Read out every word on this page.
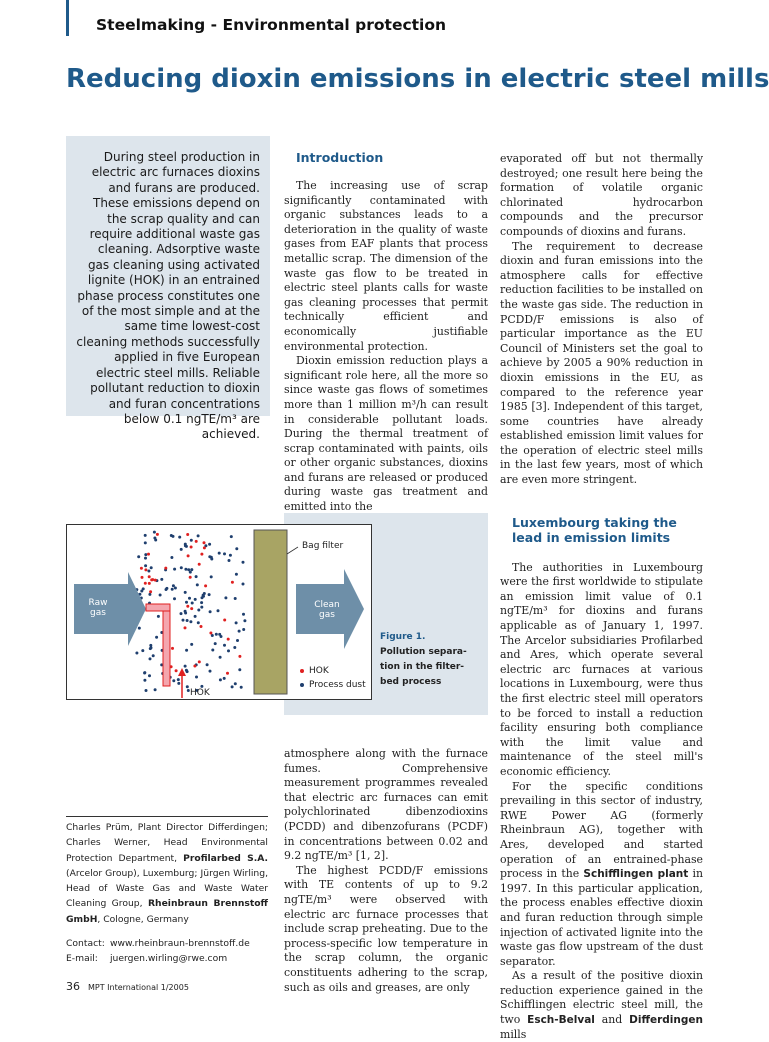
Steelmaking - Environmental protection
Reducing dioxin emissions in electric steel mills

During steel production in electric arc furnaces dioxins and furans are produced. These emissions depend on the scrap quality and can require additional waste gas cleaning. Adsorptive waste gas cleaning using activated lignite (HOK) in an entrained phase process constitutes one of the most simple and at the same time lowest-cost cleaning methods successfully applied in five European electric steel mills. Reliable pollutant reduction to dioxin and furan concentrations below 0.1 ngTE/m³ are achieved.

Introduction

The increasing use of scrap significantly contaminated with organic substances leads to a deterioration in the quality of waste gases from EAF plants that process metallic scrap. The dimension of the waste gas flow to be treated in electric steel plants calls for waste gas cleaning processes that permit technically efficient and economically justifiable environmental protection.

Dioxin emission reduction plays a significant role here, all the more so since waste gas flows of sometimes more than 1 million m³/h can result in considerable pollutant loads. During the thermal treatment of scrap contaminated with paints, oils or other organic substances, dioxins and furans are released or produced during waste gas treatment and emitted into the

evaporated off but not thermally destroyed; one result here being the formation of volatile organic chlorinated hydrocarbon compounds and the precursor compounds of dioxins and furans.

The requirement to decrease dioxin and furan emissions into the atmosphere calls for effective reduction facilities to be installed on the waste gas side. The reduction in PCDD/F emissions is also of particular importance as the EU Council of Ministers set the goal to achieve by 2005 a 90% reduction in dioxin emissions in the EU, as compared to the reference year 1985 [3]. Independent of this target, some countries have already established emission limit values for the operation of electric steel mills in the last few years, most of which are even more stringent.

Luxembourg taking the lead in emission limits

The authorities in Luxembourg were the first worldwide to stipulate an emission limit value of 0.1 ngTE/m³ for dioxins and furans applicable as of January 1, 1997. The Arcelor subsidiaries Profilarbed and Ares, which operate several electric arc furnaces at various locations in Luxembourg, were thus the first electric steel mill operators to be forced to install a reduction facility ensuring both compliance with the limit value and maintenance of the steel mill's economic efficiency.

For the specific conditions prevailing in this sector of industry, RWE Power AG (formerly Rheinbraun AG), together with Ares, developed and started operation of an entrained-phase process in the Schifflingen plant in 1997. In this particular application, the process enables effective dioxin and furan reduction through simple injection of activated lignite into the waste gas flow upstream of the dust separator.

As a result of the positive dioxin reduction experience gained in the Schifflingen electric steel mill, the two Esch-Belval and Differdingen mills

Bag filter
Raw
gas
Clean
gas
HOK
HOK
Process dust
Figure 1.
Pollution separa-
tion in the filter-
bed process

atmosphere along with the furnace fumes. Comprehensive measurement programmes revealed that electric arc furnaces can emit polychlorinated dibenzodioxins (PCDD) and dibenzofurans (PCDF) in concentrations between 0.02 and 9.2 ngTE/m³ [1, 2].

The highest PCDD/F emissions with TE contents of up to 9.2 ngTE/m³ were observed with electric arc furnace processes that include scrap preheating. Due to the process-specific low temperature in the scrap column, the organic constituents adhering to the scrap, such as oils and greases, are only

Charles Prüm, Plant Director Differdingen; Charles Werner, Head Environmental Protection Department, Profilarbed S.A. (Arcelor Group), Luxemburg; Jürgen Wirling, Head of Waste Gas and Waste Water Cleaning Group, Rheinbraun Brennstoff GmbH, Cologne, Germany
Contact: www.rheinbraun-brennstoff.de
E-mail: juergen.wirling@rwe.com
36 MPT International 1/2005
